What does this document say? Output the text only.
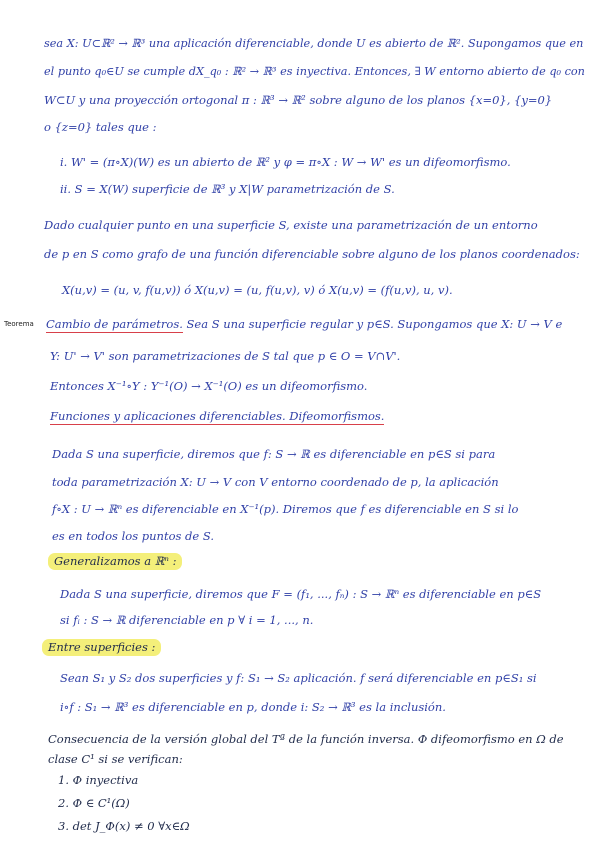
sea X: U⊂ℝ² → ℝ³ una aplicación diferenciable, donde U es abierto de ℝ². Supongamos que en
el punto q₀∈U se cumple dX_q₀ : ℝ² → ℝ³ es inyectiva. Entonces, ∃ W entorno abierto de q₀ con
W⊂U y una proyección ortogonal π : ℝ³ → ℝ² sobre alguno de los planos {x=0}, {y=0}
o {z=0} tales que :
i. W' = (π∘X)(W) es un abierto de ℝ² y φ = π∘X : W → W' es un difeomorfismo.
ii. S = X(W) superficie de ℝ³ y X|W parametrización de S.
Dado cualquier punto en una superficie S, existe una parametrización de un entorno
de p en S como grafo de una función diferenciable sobre alguno de los planos coordenados:
X(u,v) = (u, v, f(u,v)) ó X(u,v) = (u, f(u,v), v) ó X(u,v) = (f(u,v), u, v).
Teorema Cambio de parámetros. Sea S una superficie regular y p∈S. Supongamos que X: U → V e
Y: U' → V' son parametrizaciones de S tal que p ∈ O = V∩V'.
Entonces X⁻¹∘Y : Y⁻¹(O) → X⁻¹(O) es un difeomorfismo.
Funciones y aplicaciones diferenciables. Difeomorfismos.
Dada S una superficie, diremos que f: S → ℝ es diferenciable en p∈S si para
toda parametrización X: U → V con V entorno coordenado de p, la aplicación
f∘X : U → ℝⁿ es diferenciable en X⁻¹(p). Diremos que f es diferenciable en S si lo
es en todos los puntos de S.
Generalizamos a ℝⁿ :
Dada S una superficie, diremos que F = (f₁, ..., fₙ) : S → ℝⁿ es diferenciable en p∈S
si fᵢ : S → ℝ diferenciable en p ∀ i = 1, ..., n.
Entre superficies :
Sean S₁ y S₂ dos superficies y f: S₁ → S₂ aplicación. f será diferenciable en p∈S₁ si
i∘f : S₁ → ℝ³ es diferenciable en p, donde i: S₂ → ℝ³ es la inclusión.
Consecuencia de la versión global del Tª de la función inversa. Φ difeomorfismo en Ω de
clase C¹ si se verifican:
1. Φ inyectiva
2. Φ ∈ C¹(Ω)
3. det J_Φ(x) ≠ 0 ∀x∈Ω
